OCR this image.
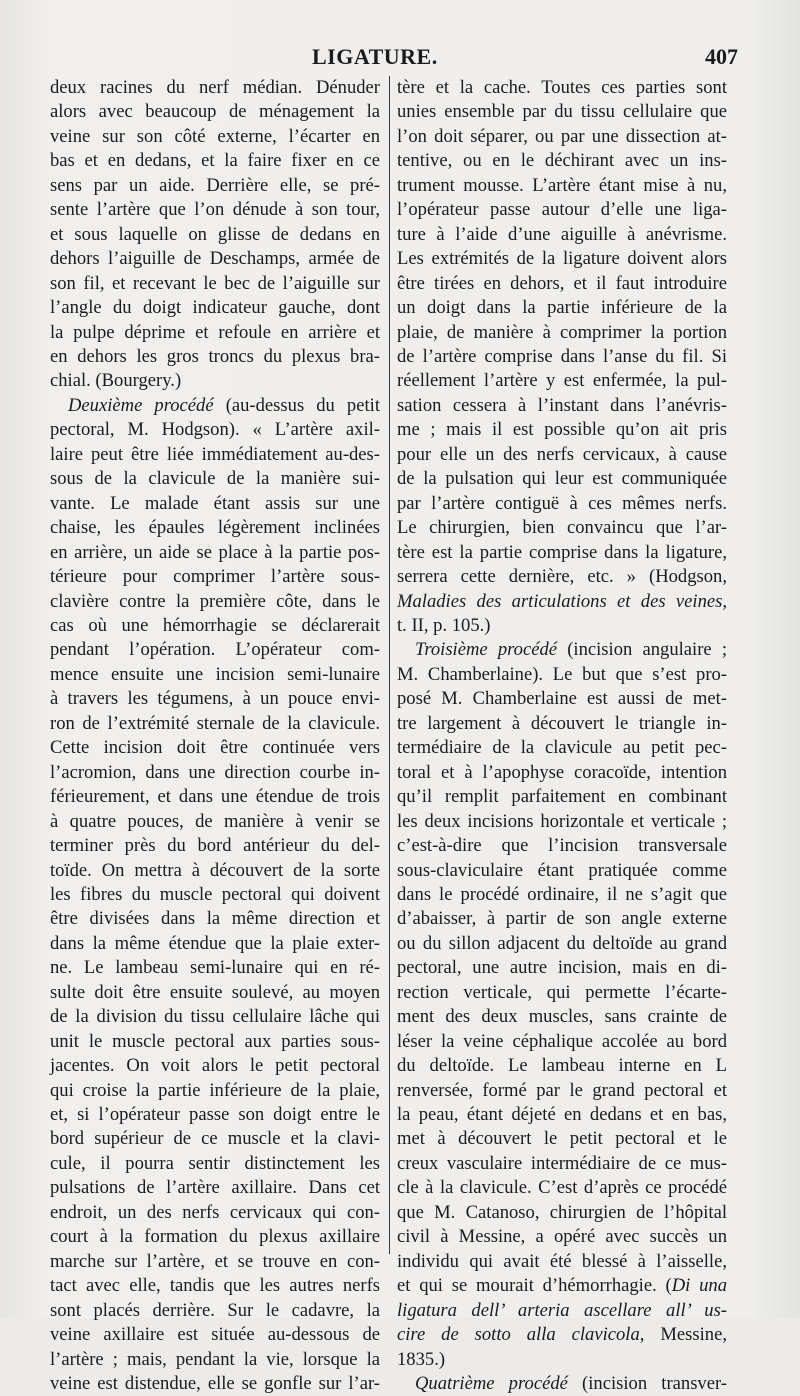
LIGATURE.	407
deux racines du nerf médian. Dénuder
alors avec beaucoup de ménagement la
veine sur son côté externe, l’écarter en
bas et en dedans, et la faire fixer en ce
sens par un aide. Derrière elle, se pré-
sente l’artère que l’on dénude à son tour,
et sous laquelle on glisse de dedans en
dehors l’aiguille de Deschamps, armée de
son fil, et recevant le bec de l’aiguille sur
l’angle du doigt indicateur gauche, dont
la pulpe déprime et refoule en arrière et
en dehors les gros troncs du plexus bra-
chial. (Bourgery.)
Deuxième procédé (au-dessus du petit
pectoral, M. Hodgson). « L’artère axil-
laire peut être liée immédiatement au-des-
sous de la clavicule de la manière sui-
vante. Le malade étant assis sur une
chaise, les épaules légèrement inclinées
en arrière, un aide se place à la partie pos-
térieure pour comprimer l’artère sous-
clavière contre la première côte, dans le
cas où une hémorrhagie se déclarerait
pendant l’opération. L’opérateur com-
mence ensuite une incision semi-lunaire
à travers les tégumens, à un pouce envi-
ron de l’extrémité sternale de la clavicule.
Cette incision doit être continuée vers
l’acromion, dans une direction courbe in-
férieurement, et dans une étendue de trois
à quatre pouces, de manière à venir se
terminer près du bord antérieur du del-
toïde. On mettra à découvert de la sorte
les fibres du muscle pectoral qui doivent
être divisées dans la même direction et
dans la même étendue que la plaie exter-
ne. Le lambeau semi-lunaire qui en ré-
sulte doit être ensuite soulevé, au moyen
de la division du tissu cellulaire lâche qui
unit le muscle pectoral aux parties sous-
jacentes. On voit alors le petit pectoral
qui croise la partie inférieure de la plaie,
et, si l’opérateur passe son doigt entre le
bord supérieur de ce muscle et la clavi-
cule, il pourra sentir distinctement les
pulsations de l’artère axillaire. Dans cet
endroit, un des nerfs cervicaux qui con-
court à la formation du plexus axillaire
marche sur l’artère, et se trouve en con-
tact avec elle, tandis que les autres nerfs
sont placés derrière. Sur le cadavre, la
veine axillaire est située au-dessous de
l’artère ; mais, pendant la vie, lorsque la
veine est distendue, elle se gonfle sur l’ar-
tère et la cache. Toutes ces parties sont
unies ensemble par du tissu cellulaire que
l’on doit séparer, ou par une dissection at-
tentive, ou en le déchirant avec un ins-
trument mousse. L’artère étant mise à nu,
l’opérateur passe autour d’elle une liga-
ture à l’aide d’une aiguille à anévrisme.
Les extrémités de la ligature doivent alors
être tirées en dehors, et il faut introduire
un doigt dans la partie inférieure de la
plaie, de manière à comprimer la portion
de l’artère comprise dans l’anse du fil. Si
réellement l’artère y est enfermée, la pul-
sation cessera à l’instant dans l’anévris-
me ; mais il est possible qu’on ait pris
pour elle un des nerfs cervicaux, à cause
de la pulsation qui leur est communiquée
par l’artère contiguë à ces mêmes nerfs.
Le chirurgien, bien convaincu que l’ar-
tère est la partie comprise dans la ligature,
serrera cette dernière, etc. » (Hodgson,
Maladies des articulations et des veines,
t. II, p. 105.)
Troisième procédé (incision angulaire ;
M. Chamberlaine). Le but que s’est pro-
posé M. Chamberlaine est aussi de met-
tre largement à découvert le triangle in-
termédiaire de la clavicule au petit pec-
toral et à l’apophyse coracoïde, intention
qu’il remplit parfaitement en combinant
les deux incisions horizontale et verticale ;
c’est-à-dire que l’incision transversale
sous-claviculaire étant pratiquée comme
dans le procédé ordinaire, il ne s’agit que
d’abaisser, à partir de son angle externe
ou du sillon adjacent du deltoïde au grand
pectoral, une autre incision, mais en di-
rection verticale, qui permette l’écarte-
ment des deux muscles, sans crainte de
léser la veine céphalique accolée au bord
du deltoïde. Le lambeau interne en L
renversée, formé par le grand pectoral et
la peau, étant déjeté en dedans et en bas,
met à découvert le petit pectoral et le
creux vasculaire intermédiaire de ce mus-
cle à la clavicule. C’est d’après ce procédé
que M. Catanoso, chirurgien de l’hôpital
civil à Messine, a opéré avec succès un
individu qui avait été blessé à l’aisselle,
et qui se mourait d’hémorrhagie. (Di una
ligatura dell’ arteria ascellare all’ us-
cire de sotto alla clavicola, Messine,
1835.)
Quatrième procédé (incision transver-
